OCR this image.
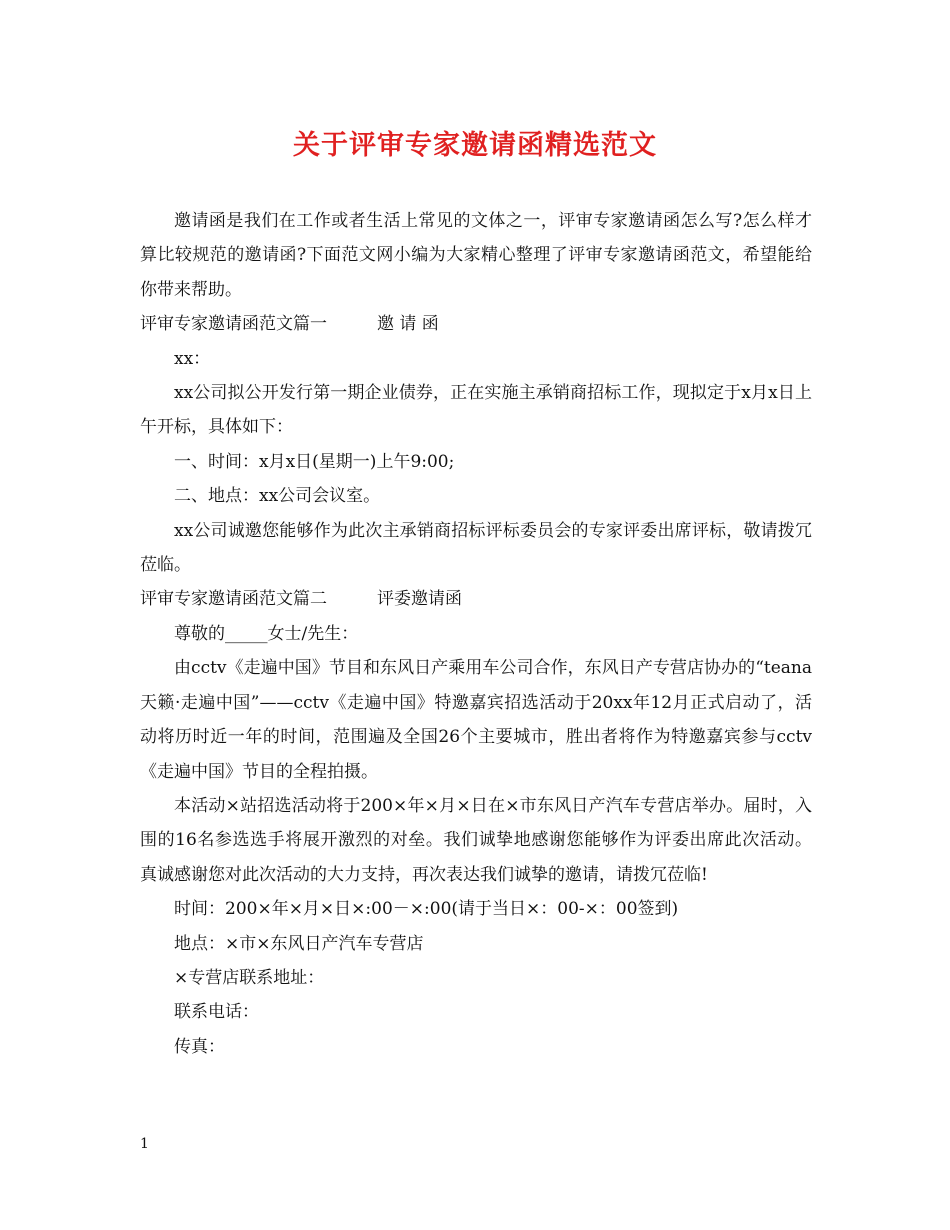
关于评审专家邀请函精选范文

邀请函是我们在工作或者生活上常见的文体之一，评审专家邀请函怎么写?怎么样才算比较规范的邀请函?下面范文网小编为大家精心整理了评审专家邀请函范文，希望能给你带来帮助。

评审专家邀请函范文篇一	邀 请 函

xx：

xx公司拟公开发行第一期企业债券，正在实施主承销商招标工作，现拟定于x月x日上午开标，具体如下：

一、时间：x月x日(星期一)上午9:00;

二、地点：xx公司会议室。

xx公司诚邀您能够作为此次主承销商招标评标委员会的专家评委出席评标，敬请拨冗莅临。

评审专家邀请函范文篇二	评委邀请函

尊敬的_____女士/先生：

由cctv《走遍中国》节目和东风日产乘用车公司合作，东风日产专营店协办的“teana天籁·走遍中国”——cctv《走遍中国》特邀嘉宾招选活动于20xx年12月正式启动了，活动将历时近一年的时间，范围遍及全国26个主要城市，胜出者将作为特邀嘉宾参与cctv《走遍中国》节目的全程拍摄。

本活动×站招选活动将于200×年×月×日在×市东风日产汽车专营店举办。届时，入围的16名参选选手将展开激烈的对垒。我们诚挚地感谢您能够作为评委出席此次活动。 真诚感谢您对此次活动的大力支持，再次表达我们诚挚的邀请，请拨冗莅临!

时间：200×年×月×日×:00－×:00(请于当日×：00-×：00签到)

地点：×市×东风日产汽车专营店

×专营店联系地址：

联系电话：

传真：

1
